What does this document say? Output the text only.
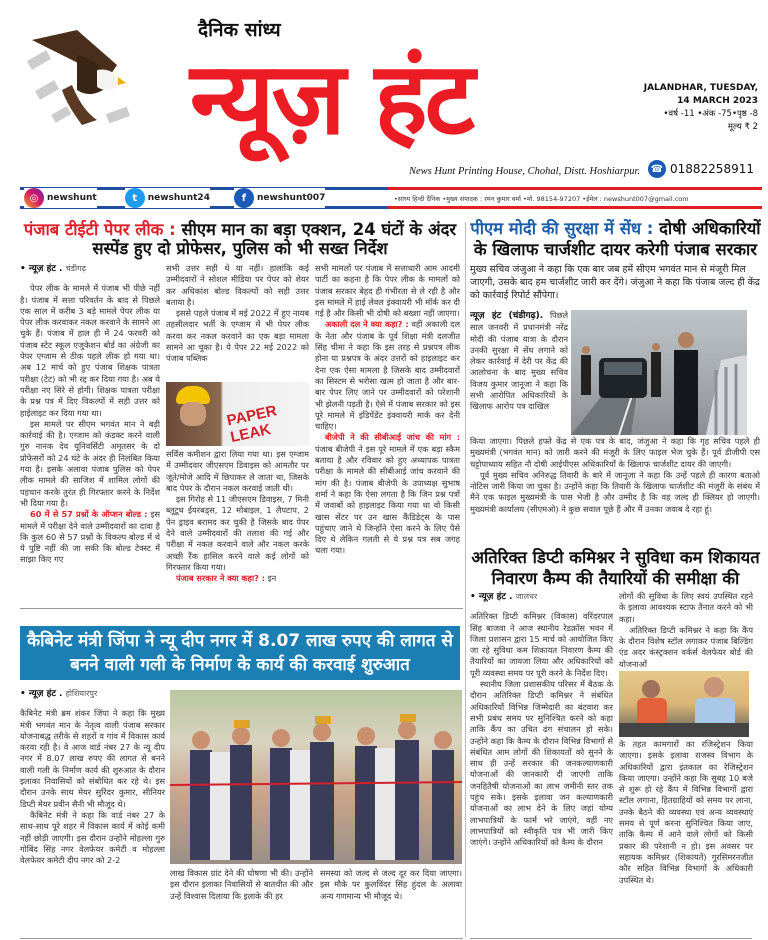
दैनिक सांध्य
न्यूज़ हंट	JALANDHAR, TUESDAY,
14 MARCH 2023
•वर्ष -11 •अंक -75•पृष्ठ -8
मूल्य ₹ 2
News Hunt Printing House, Chohal, Distt. Hoshiarpur. ☎ 01882258911
◎ newshunt	t	newshunt24	f	newshunt007	•सांध्य हिन्दी दैनिक •मुख्य संपादक : रमन कुमार वर्मा •मो. 98154-97207 •ईमेल : newshunt007@gmail.com
पंजाब टीईटी पेपर लीक : सीएम मान का बड़ा एक्शन, 24 घंटों के अंदर सस्पेंड हुए दो प्रोफेसर, पुलिस को भी सख्त निर्देश
• न्यूज़ हंट . चंडीगढ़

पेपर लीक के मामले में पंजाब भी पीछे नहीं है। पंजाब में सत्ता परिवर्तन के बाद से पिछले एक साल में करीब 3 बड़े मामले पेपर लीक या पेपर लीक करवाकर नकल करवाने के सामने आ चुके हैं। पंजाब में हाल ही में 24 फरवरी को पंजाब स्टेट स्कूल एजुकेशन बोर्ड का अंग्रेजी का पेपर एग्जाम से ठीक पहले लीक हो गया था। अब 12 मार्च को हुए पंजाब शिक्षक पात्रता परीक्षा (टेट) को भी रद्द कर दिया गया है। अब ये परीक्षा नए सिरे से होगी। शिक्षक पात्रता परीक्षा के प्रश्न पत्र में दिए विकल्पों में सही उत्तर को हाईलाइट कर दिया गया था।

इस मामले पर सीएम भगवंत मान ने बड़ी कार्रवाई की है। एग्जाम को कंडक्ट करने वाली गुरु नानक देव यूनिवर्सिटी अमृतसर के दो प्रोफेसरों को 24 घंटे के अंदर ही निलंबित किया गया है। इसके अलावा पंजाब पुलिस को पेपर लीक मामले की साजिश में शामिल लोगों की पहचान करके तुरंत ही गिरफ्तार करने के निर्देश भी दिया गया है।

60 में से 57 प्रश्नों के ऑप्शन बोल्ड : इस मामले में परीक्षा देने वाले उम्मीदवारों का दावा है कि कुल 60 से 57 प्रश्नों के विकल्प बोल्ड में थे ये पुष्टि नहीं की जा सकी कि बोल्ड टेक्स्ट में साझा किए गए

सभी उत्तर सही थे या नहीं। हालांकि कई उम्मीदवारों ने सोशल मीडिया पर पेपर को शेयर कर अधिकांश बोल्ड विकल्पों को सही उत्तर बताया है।

इससे पहले पंजाब में मई 2022 में हुए नायब तहसीलदार भर्ती के एग्जाम में भी पेपर लीक करवा कर नकल करवाने का एक बड़ा मामला सामने आ चुका है। ये पेपर 22 मई 2022 को पंजाब पब्लिक

PAPER LEAK

सर्विस कमीशन द्वारा लिया गया था। इस एग्जाम में उम्मीदवार जीएसएम डिवाइस को आमतौर पर जूते/मोजे आदि में छिपाकर ले जाता था, जिसके बाद पेपर के दौरान नकल करवाई जाती थी।

इस गिरोह से 11 जीएसएम डिवाइस, 7 मिनी ब्लूटूथ ईयरबड्स, 12 मोबाइल, 1 लैपटाप, 2 पेन ड्राइव बरामद कर चुकी है जिसके बाद पेपर देने वाले उम्मीदवारों की तलाश की गई और परीक्षा में नकल करवाने वाले और नकल करके अच्छी रैंक हासिल करने वाले कई लोगों को गिरफ्तार किया गया।

पंजाब सरकार ने क्या कहा? : इन

सभी मामलों पर पंजाब में सत्ताधारी आम आदमी पार्टी का कहना है कि पेपर लीक के मामलों को पंजाब सरकार बेहद ही गंभीरता से ले रही है और इस मामले में हाई लेवल इंक्वायरी भी मॉर्क कर दी गई है और किसी भी दोषी को बख्शा नहीं जाएगा।

अकाली दल ने क्या कहा? : वहीं अकाली दल के नेता और पंजाब के पूर्व शिक्षा मंत्री दलजीत सिंह चीमा ने कहा कि इस तरह से प्रश्नपत्र लीक होना या प्रश्नपत्र के अंदर उत्तरों को हाइलाइट कर देना एक ऐसा मामला है जिसके बाद उम्मीदवारों का सिस्टम से भरोसा खत्म हो जाता है और बार-बार पेपर लिए जाने पर उम्मीदवारों को परेशानी भी झेलनी पड़ती है। ऐसे में पंजाब सरकार को इस पूरे मामले में इंडिपेंडेंट इंक्वायरी मार्क कर देनी चाहिए।

बीजेपी ने की सीबीआई जांच की मांग : पंजाब बीजेपी ने इस पूरे मामले में एक बड़ा स्कैम बताया है और रविवार को हुए अध्यापक पात्रता परीक्षा के मामले की सीबीआई जांच करवाने की मांग की है। पंजाब बीजेपी के उपाध्यक्ष सुभाष शर्मा ने कहा कि ऐसा लगता है कि जिन प्रश्न पत्रों में जवाबों को हाइलाइट किया गया था वो किसी खास सेंटर पर उन खास कैंडिडेट्स के पास पहुंचाए जाने थे जिन्होंने ऐसा करने के लिए पैसे दिए थे लेकिन गलती से ये प्रश्न पत्र सब जगह चला गया।

कैबिनेट मंत्री जिंपा ने न्यू दीप नगर में 8.07 लाख रुपए की लागत से बनने वाली गली के निर्माण के कार्य की करवाई शुरुआत
• न्यूज़ हंट . होशियारपुर

कैबिनेट मंत्री ब्रम शंकर जिंपा ने कहा कि मुख्य मंत्री भगवंत मान के नेतृत्व वाली पंजाब सरकार योजनाबद्ध तरीके से शहरों व गांव में विकास कार्य करवा रही है। वे आज वार्ड नंबर 27 के न्यू दीप नगर में 8.07 लाख रुपए की लागत से बनने वाली गली के निर्माण कार्य की शुरुआत के दौरान इलाका निवासियों को संबोधित कर रहे थे। इस दौरान उनके साथ मेयर सुरिंदर कुमार, सीनियर डिप्टी मेयर प्रवीन सैनी भी मौजूद थे।

कैबिनेट मंत्री ने कहा कि वार्ड नंबर 27 के साथ-साथ पूरे शहर में विकास कार्य में कोई कमी नहीं छोड़ी जाएगी। इस दौरान उन्होंने मोहल्ला गुरु गोबिंद सिंह नगर वेलफेयर कमेटी व मोहल्ला वेलफेयर कमेटी दीप नगर को 2-2

लाख विकास ग्रांट देने की घोषणा भी की। उन्होंने इस दौरान इलाका निवासियों से बातचीत की और उन्हें विश्वास दिलाया कि इलाके की हर
समस्या को जल्द से जल्द दूर कर दिया जाएगा। इस मौके पर कुलविंदर सिंह हुंदल के अलावा अन्य गणमान्य भी मौजूद थे।
पीएम मोदी की सुरक्षा में सेंध : दोषी अधिकारियों के खिलाफ चार्जशीट दायर करेगी पंजाब सरकार
मुख्य सचिव जंजुआ ने कहा कि एक बार जब हमें सीएम भगवंत मान से मंजूरी मिल जाएगी, उसके बाद हम चार्जशीट जारी कर देंगे। जंजुआ ने कहा कि पंजाब जल्द ही केंद्र को कार्रवाई रिपोर्ट सौंपेगा।

न्यूज़ हंट (चंडीगढ़). पिछले साल जनवरी में प्रधानमंत्री नरेंद्र मोदी की पंजाब यात्रा के दौरान उनकी सुरक्षा में सेंध लगाने को लेकर कार्रवाई में देरी पर केंद्र की आलोचना के बाद मुख्य सचिव विजय कुमार जानूजा ने कहा कि सभी आरोपित अधिकारियों के खिलाफ आरोप पत्र दाखिल

किया जाएगा। पिछले हफ्ते केंद्र से एक पत्र के बाद, जंजुआ ने कहा कि गृह सचिव पहले ही मुख्यमंत्री (भगवंत मान) को जारी करने की मंजूरी के लिए फाइल भेज चुके हैं। पूर्व डीजीपी एस चट्टोपाध्याय सहित नौ दोषी आईपीएस अधिकारियों के खिलाफ चार्जशीट दायर की जाएगी।

पूर्व मुख्य सचिव अनिरुद्ध तिवारी के बारे में जानूजा ने कहा कि उन्हें पहले ही कारण बताओ नोटिस जारी किया जा चुका है। उन्होंने कहा कि तिवारी के खिलाफ चार्जशीट की मंजूरी के संबंध में मैंने एक फाइल मुख्यमंत्री के पास भेजी है और उम्मीद है कि वह जल्द ही क्लियर हो जाएगी। मुख्यमंत्री कार्यालय (सीएमओ) ने कुछ सवाल पूछे हैं और मैं उनका जवाब दे रहा हूं।

अतिरिक्त डिप्टी कमिश्नर ने सुविधा कम शिकायत निवारण कैम्प की तैयारियों की समीक्षा की
• न्यूज़ हंट . जालंधर

अतिरिक्त डिप्टी कमिश्नर (विकास) वरिंदरपाल सिंह बाजवा ने आज स्थानीय रेडक्रॉस भवन में जिला प्रशासन द्वारा 15 मार्च को आयोजित किए जा रहे सुविधा कम शिकायत निवारण कैम्प की तैयारियों का जायजा लिया और अधिकारियों को पूरी व्यवस्था समय पर पूरी करने के निर्देश दिए।

स्थानीय जिला प्रशासकीय परिसर में बैठक के दौरान अतिरिक्त डिप्टी कमिश्नर ने संबंधित अधिकारियों विभिन्न जिम्मेदारी का बंटवारा कर सभी प्रबंध समय पर सुनिश्चित करने को कहा ताकि कैंप का उचित ढंग संचालन हो सके। उन्होंने कहा कि कैम्प के दौरान विभिन्न विभागों से संबंधित आम लोगों की शिकायतों को सुनने के साथ ही उन्हें सरकार की जनकल्याणकारी योजनाओं की जानकारी दी जाएगी ताकि जनहितैषी योजनाओं का लाभ जमीनी स्तर तक पहुंच सके। इसके इलावा जन कल्याणकारी योजनाओं का लाभ देने के लिए जहां योग्य लाभपात्रियों के फार्म भरे जाएंगे, वहीं नए लाभपात्रियों को स्वीकृति पत्र भी जारी किए जाएंगे। उन्होंने अधिकारियों को कैम्प के दौरान

लोगों की सुविधा के लिए स्वयं उपस्थित रहने के इलावा आवश्यक स्टाफ तैनात करने को भी कहा।

अतिरिक्त डिप्टी कमिश्नर ने कहा कि कैंप के दौरान विशेष स्टॉल लगाकर पंजाब बिल्डिंग एंड अदर कंस्ट्रक्शन वर्कर्स वेलफेयर बोर्ड की योजनाओं

के तहत कामगारों का रजिस्ट्रेशन किया जाएगा। इसके इलावा राजस्व विभाग के अधिकारियों द्वारा इंतकाल का रेजिस्ट्रेशन किया जाएगा। उन्होंने कहा कि सुबह 10 बजे से शुरू हो रहे कैंप में विभिन्न विभागों द्वारा स्टॉल लगाना, हितग्राहियों को समय पर लाना, उनके बैठने की व्यवस्था एवं अन्य व्यवस्थाएं समय से पूर्ण करना सुनिश्चित किया जाए, ताकि कैम्प में आने वाले लोगों को किसी प्रकार की परेशानी न हो। इस अवसर पर सहायक कमिश्नर (शिकायतें) गुरसिमरनजीत कौर सहित विभिन्न विभागों के अधिकारी उपस्थित थे।
